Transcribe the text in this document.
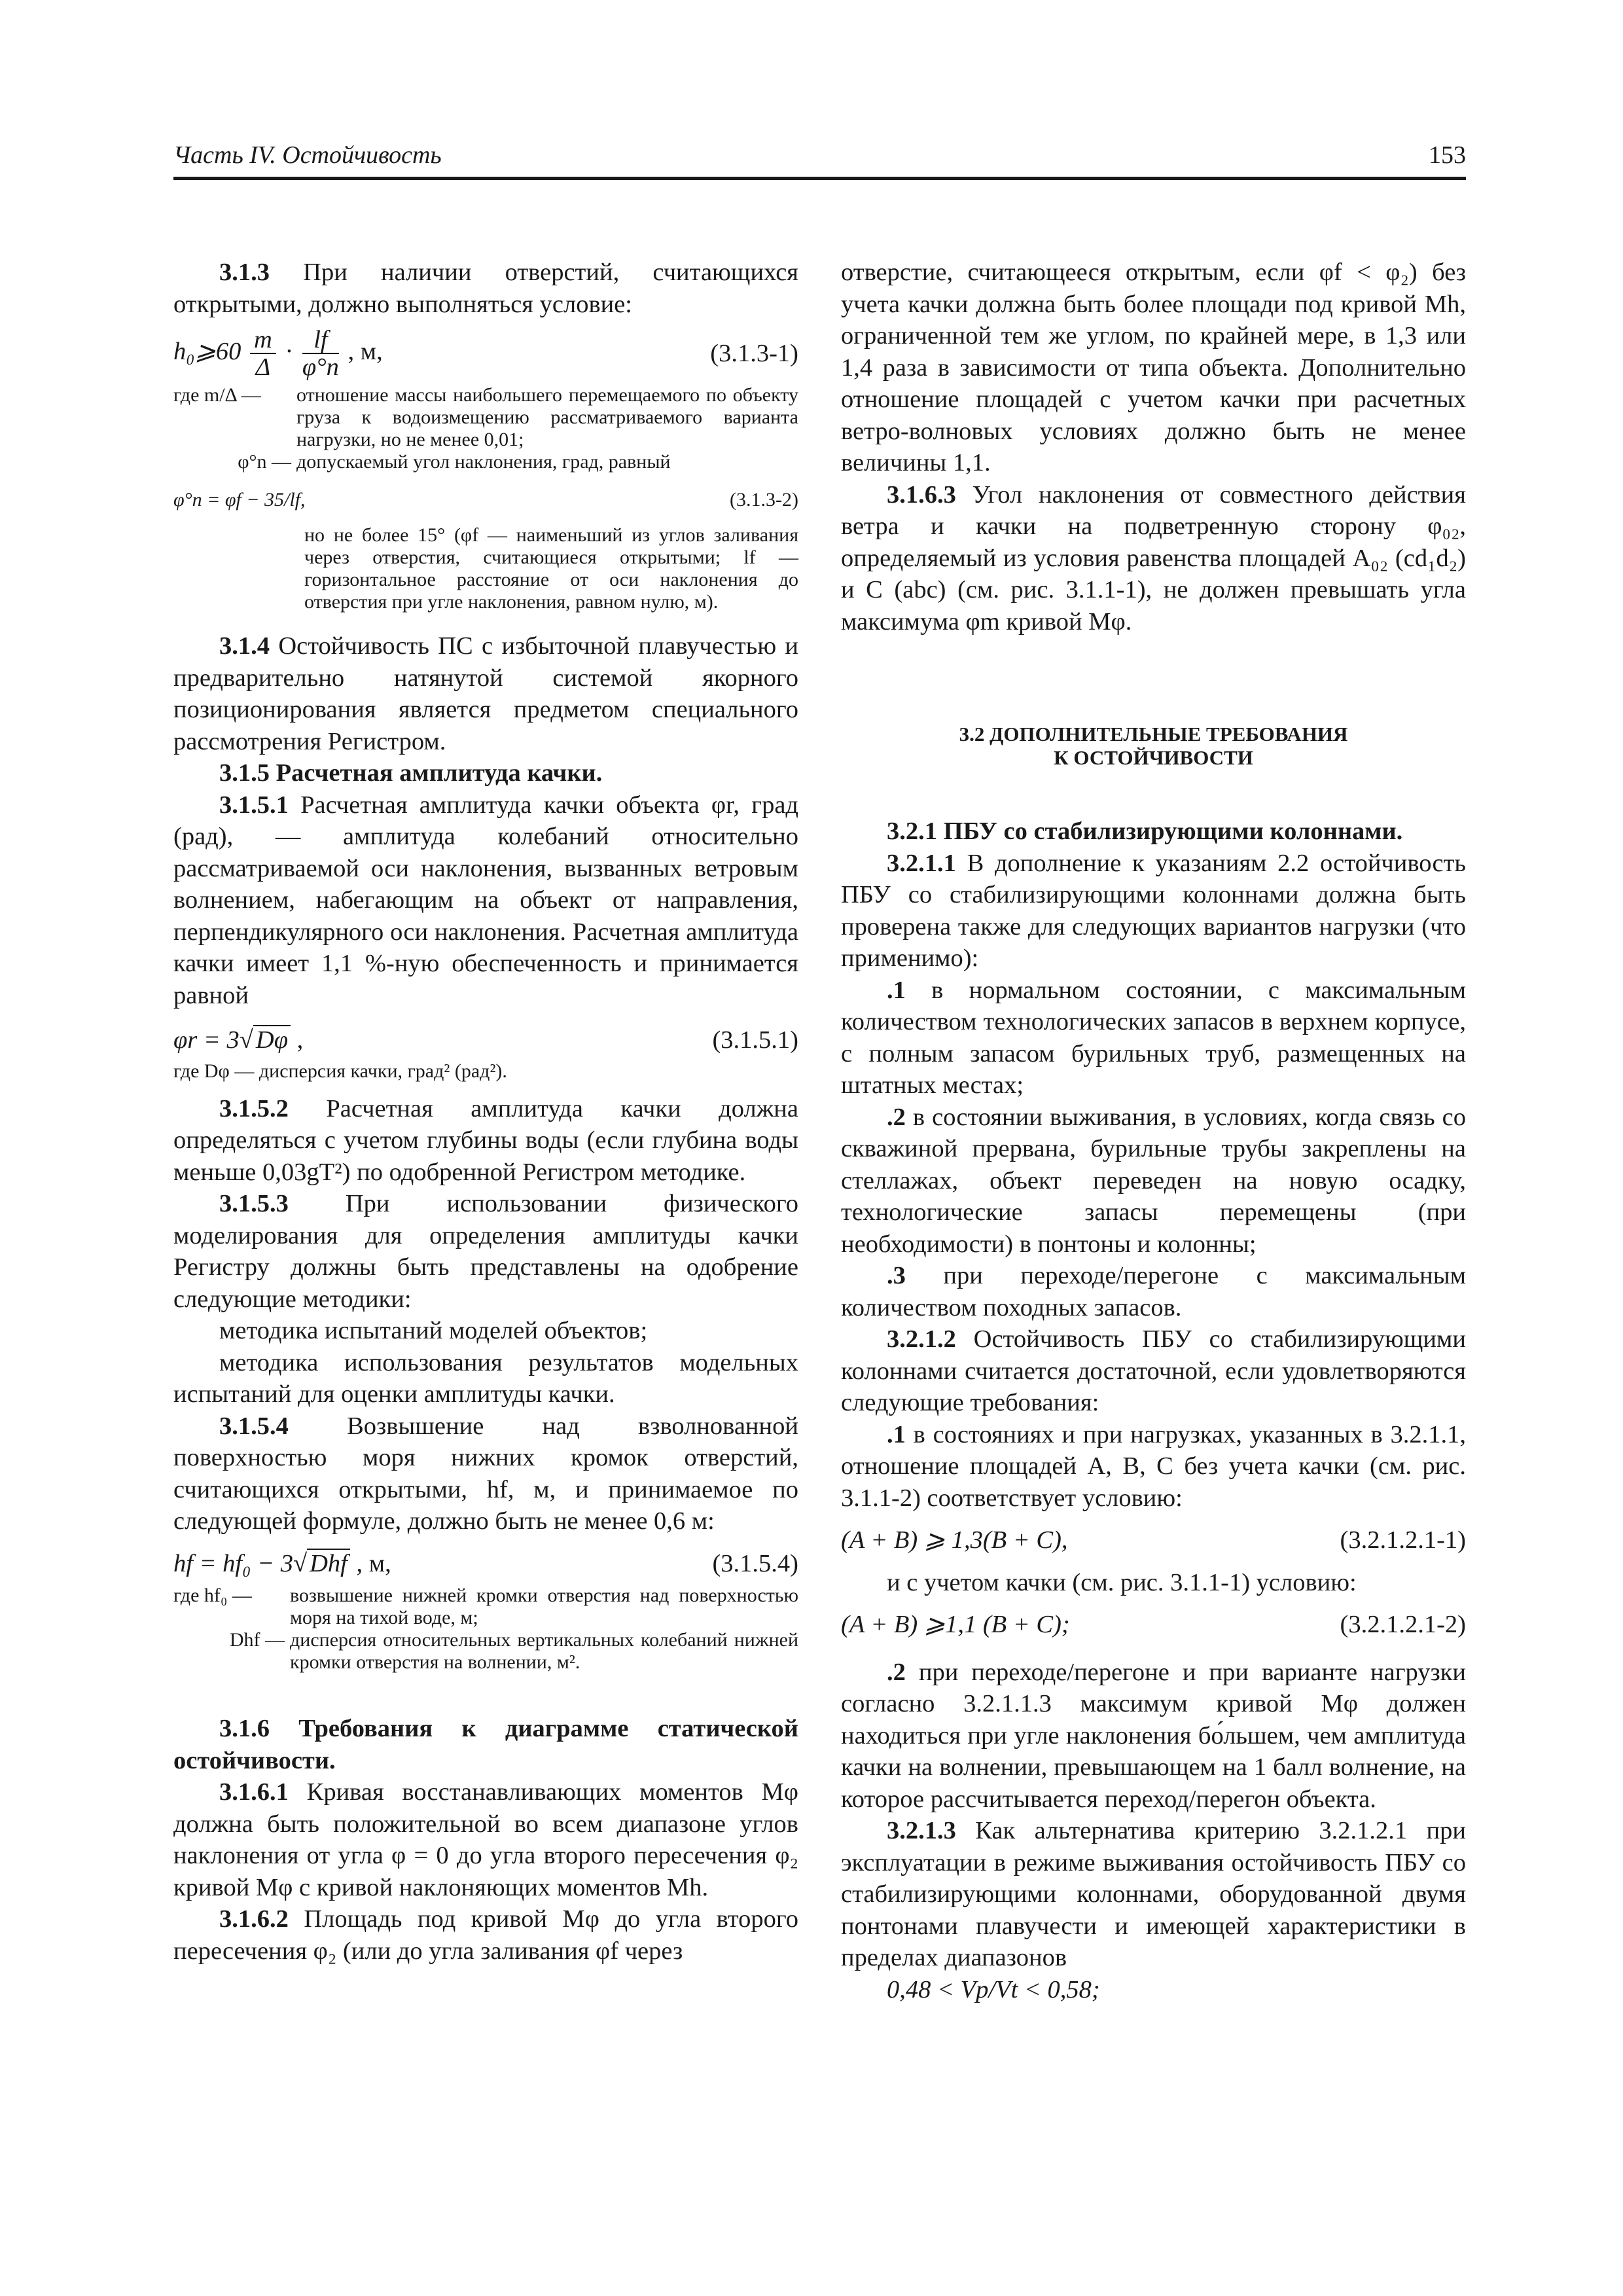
Часть IV. Остойчивость	153

3.1.3 При наличии отверстий, считающихся открытыми, должно выполняться условие:

h₀⩾60 $\frac{m}{\Delta} \cdot \frac{lf}{\varphi^\circ n}$ , м,	(3.1.3-1)
где m/Δ —	отношение массы наибольшего перемещаемого по объекту груза к водоизмещению рассматриваемого варианта нагрузки, но не менее 0,01;
φ°n — допускаемый угол наклонения, град, равный
φ°n = φf − 35/lf,	(3.1.3-2)

но не более 15° (φf — наименьший из углов заливания через отверстия, считающиеся открытыми; lf — горизонтальное расстояние от оси наклонения до отверстия при угле наклонения, равном нулю, м).

3.1.4 Остойчивость ПС с избыточной плавучестью и предварительно натянутой системой якорного позиционирования является предметом специального рассмотрения Регистром.

3.1.5 Расчетная амплитуда качки.

3.1.5.1 Расчетная амплитуда качки объекта φr, град (рад), — амплитуда колебаний относительно рассматриваемой оси наклонения, вызванных ветровым волнением, набегающим на объект от направления, перпендикулярного оси наклонения. Расчетная амплитуда качки имеет 1,1 %-ную обеспеченность и принимается равной

φr = 3√ Dφ ,	(3.1.5.1)

где Dφ — дисперсия качки, град² (рад²).

3.1.5.2 Расчетная амплитуда качки должна определяться с учетом глубины воды (если глубина воды меньше 0,03gT²) по одобренной Регистром методике.

3.1.5.3 При использовании физического моделирования для определения амплитуды качки Регистру должны быть представлены на одобрение следующие методики:

методика испытаний моделей объектов;

методика использования результатов модельных испытаний для оценки амплитуды качки.

3.1.5.4 Возвышение над взволнованной поверхностью моря нижних кромок отверстий, считающихся открытыми, hf, м, и принимаемое по следующей формуле, должно быть не менее 0,6 м:

hf = hf₀ − 3√ Dhf , м,	(3.1.5.4)
где hf₀ —	возвышение нижней кромки отверстия над поверхностью моря на тихой воде, м;
Dhf — дисперсия относительных вертикальных колебаний нижней кромки отверстия на волнении, м².

3.1.6 Требования к диаграмме статической остойчивости.

3.1.6.1 Кривая восстанавливающих моментов Mφ должна быть положительной во всем диапазоне углов наклонения от угла φ = 0 до угла второго пересечения φ₂ кривой Mφ с кривой наклоняющих моментов Mh.

3.1.6.2 Площадь под кривой Mφ до угла второго пересечения φ₂ (или до угла заливания φf через

отверстие, считающееся открытым, если φf < φ₂) без учета качки должна быть более площади под кривой Mh, ограниченной тем же углом, по крайней мере, в 1,3 или 1,4 раза в зависимости от типа объекта. Дополнительно отношение площадей с учетом качки при расчетных ветро-волновых условиях должно быть не менее величины 1,1.

3.1.6.3 Угол наклонения от совместного действия ветра и качки на подветренную сторону φ₀₂, определяемый из условия равенства площадей A₀₂ (cd₁d₂) и C (abc) (см. рис. 3.1.1-1), не должен превышать угла максимума φm кривой Mφ.

3.2 ДОПОЛНИТЕЛЬНЫЕ ТРЕБОВАНИЯ

К ОСТОЙЧИВОСТИ

3.2.1 ПБУ со стабилизирующими колоннами.

3.2.1.1 В дополнение к указаниям 2.2 остойчивость ПБУ со стабилизирующими колоннами должна быть проверена также для следующих вариантов нагрузки (что применимо):

.1 в нормальном состоянии, с максимальным количеством технологических запасов в верхнем корпусе, с полным запасом бурильных труб, размещенных на штатных местах;

.2 в состоянии выживания, в условиях, когда связь со скважиной прервана, бурильные трубы закреплены на стеллажах, объект переведен на новую осадку, технологические запасы перемещены (при необходимости) в понтоны и колонны;

.3 при переходе/перегоне с максимальным количеством походных запасов.

3.2.1.2 Остойчивость ПБУ со стабилизирующими колоннами считается достаточной, если удовлетворяются следующие требования:

.1 в состояниях и при нагрузках, указанных в 3.2.1.1, отношение площадей A, B, C без учета качки (см. рис. 3.1.1-2) соответствует условию:

(A + B) ⩾ 1,3(B + C),	(3.2.1.2.1-1)

и с учетом качки (см. рис. 3.1.1-1) условию:

(A + B) ⩾1,1 (B + C);	(3.2.1.2.1-2)

.2 при переходе/перегоне и при варианте нагрузки согласно 3.2.1.1.3 максимум кривой Mφ должен находиться при угле наклонения бо́льшем, чем амплитуда качки на волнении, превышающем на 1 балл волнение, на которое рассчитывается переход/перегон объекта.

3.2.1.3 Как альтернатива критерию 3.2.1.2.1 при эксплуатации в режиме выживания остойчивость ПБУ со стабилизирующими колоннами, оборудованной двумя понтонами плавучести и имеющей характеристики в пределах диапазонов

0,48 < Vp/Vt < 0,58;
